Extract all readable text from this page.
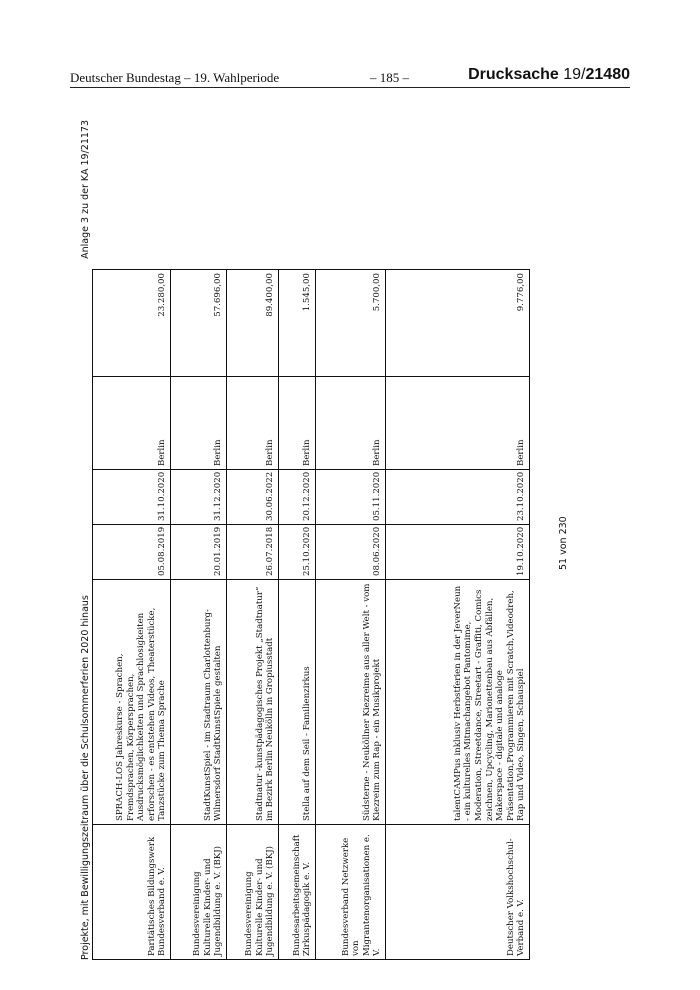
Deutscher Bundestag – 19. Wahlperiode	– 185 –	Drucksache 19/21480
Projekte, mit Bewilligungszeitraum über die Schulsommerferien 2020 hinaus
Anlage 3 zu der KA 19/21173
Paritätisches Bildungswerk Bundesverband e. V.	SPRACH-LOS Jahreskurse - Sprachen, Fremdsprachen, Körpersprachen, Ausdrucksmöglichkeiten und Sprachlosigkeiten erforschen - es entstehen Videos, Theaterstücke, Tanzstücke zum Thema Sprache	05.08.2019	31.10.2020	Berlin	23.280,00
Bundesvereinigung Kulturelle Kinder- und Jugendbildung e. V. (BKJ)	StadtKunstSpiel - im Stadtraum Charlottenburg-Wilmersdorf StadtKunstSpiele gestalten	20.01.2019	31.12.2020	Berlin	57.696,00
Bundesvereinigung Kulturelle Kinder- und Jugendbildung e. V. (BKJ)	Stadtnatur -kunstpädagogisches Projekt „Stadtnatur“ im Bezirk Berlin Neukölln in Gropiusstadt	26.07.2018	30.06.2022	Berlin	89.400,00
Bundesarbeitsgemeinschaft Zirkuspädagogik e. V.	Stella auf dem Seil - Familienzirkus	25.10.2020	20.12.2020	Berlin	1.545,00
Bundesverband Netzwerke von Migrantenorganisationen e. V.	Südsterne - Neuköllner Kiezreime aus aller Welt - vom Kiezreim zum Rap - ein Musikprojekt	08.06.2020	05.11.2020	Berlin	5.700,00
Deutscher Volkshochschul-Verband e. V.	talentCAMPus inklusiv Herbstferien in der JeverNeun - ein kulturelles Mitmachangebot Pantomime, Moderation, Streetdance, Streetart - Graffiti, Comics zeichnen, Upcycling, Marionettenbau aus Abfällen, Makerspace - digitale und analoge Präsentation,Programmieren mit Scratch,Videodreh, Rap und Video, Singen, Schauspiel	19.10.2020	23.10.2020	Berlin	9.776,00
51 von 230
